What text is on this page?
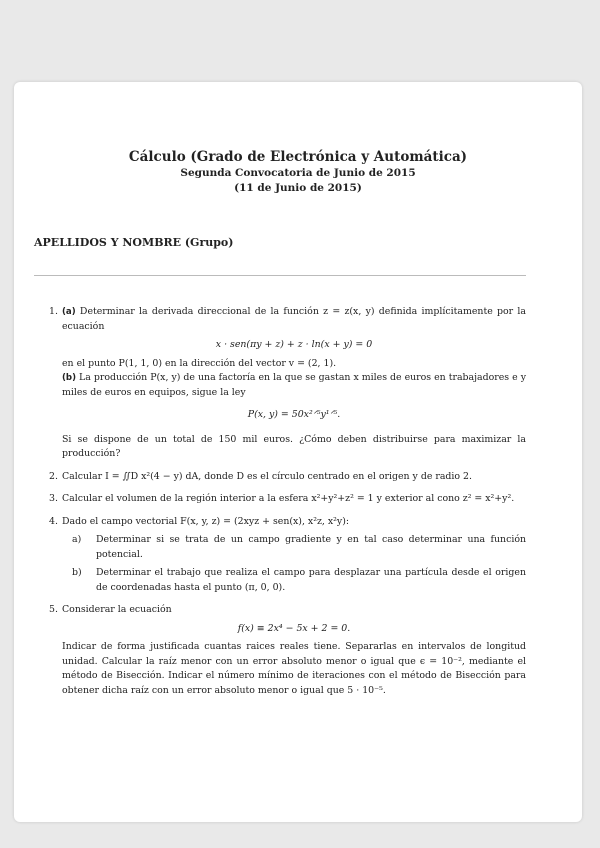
Cálculo (Grado de Electrónica y Automática)
Segunda Convocatoria de Junio de 2015
(11 de Junio de 2015)
APELLIDOS Y NOMBRE (Grupo)
1. (a) Determinar la derivada direccional de la función z = z(x, y) definida implícitamente por la ecuación

x · sen(πy + z) + z · ln(x + y) = 0

en el punto P(1, 1, 0) en la dirección del vector v = (2, 1).

(b) La producción P(x, y) de una factoría en la que se gastan x miles de euros en trabajadores e y miles de euros en equipos, sigue la ley

P(x, y) = 50x²ᐟ⁵y¹ᐟ⁵.

Si se dispone de un total de 150 mil euros. ¿Cómo deben distribuirse para maximizar la producción?

2. Calcular I = ∬D x²(4 − y) dA, donde D es el círculo centrado en el origen y de radio 2.

3. Calcular el volumen de la región interior a la esfera x²+y²+z² = 1 y exterior al cono z² = x²+y².

4. Dado el campo vectorial F(x, y, z) = (2xyz + sen(x), x²z, x²y):

a) Determinar si se trata de un campo gradiente y en tal caso determinar una función potencial.

b) Determinar el trabajo que realiza el campo para desplazar una partícula desde el origen de coordenadas hasta el punto (π, 0, 0).

5. Considerar la ecuación

f(x) ≡ 2x⁴ − 5x + 2 = 0.

Indicar de forma justificada cuantas raices reales tiene. Separarlas en intervalos de longitud unidad. Calcular la raíz menor con un error absoluto menor o igual que ϵ = 10⁻², mediante el método de Bisección. Indicar el número mínimo de iteraciones con el método de Bisección para obtener dicha raíz con un error absoluto menor o igual que 5 · 10⁻⁵.
